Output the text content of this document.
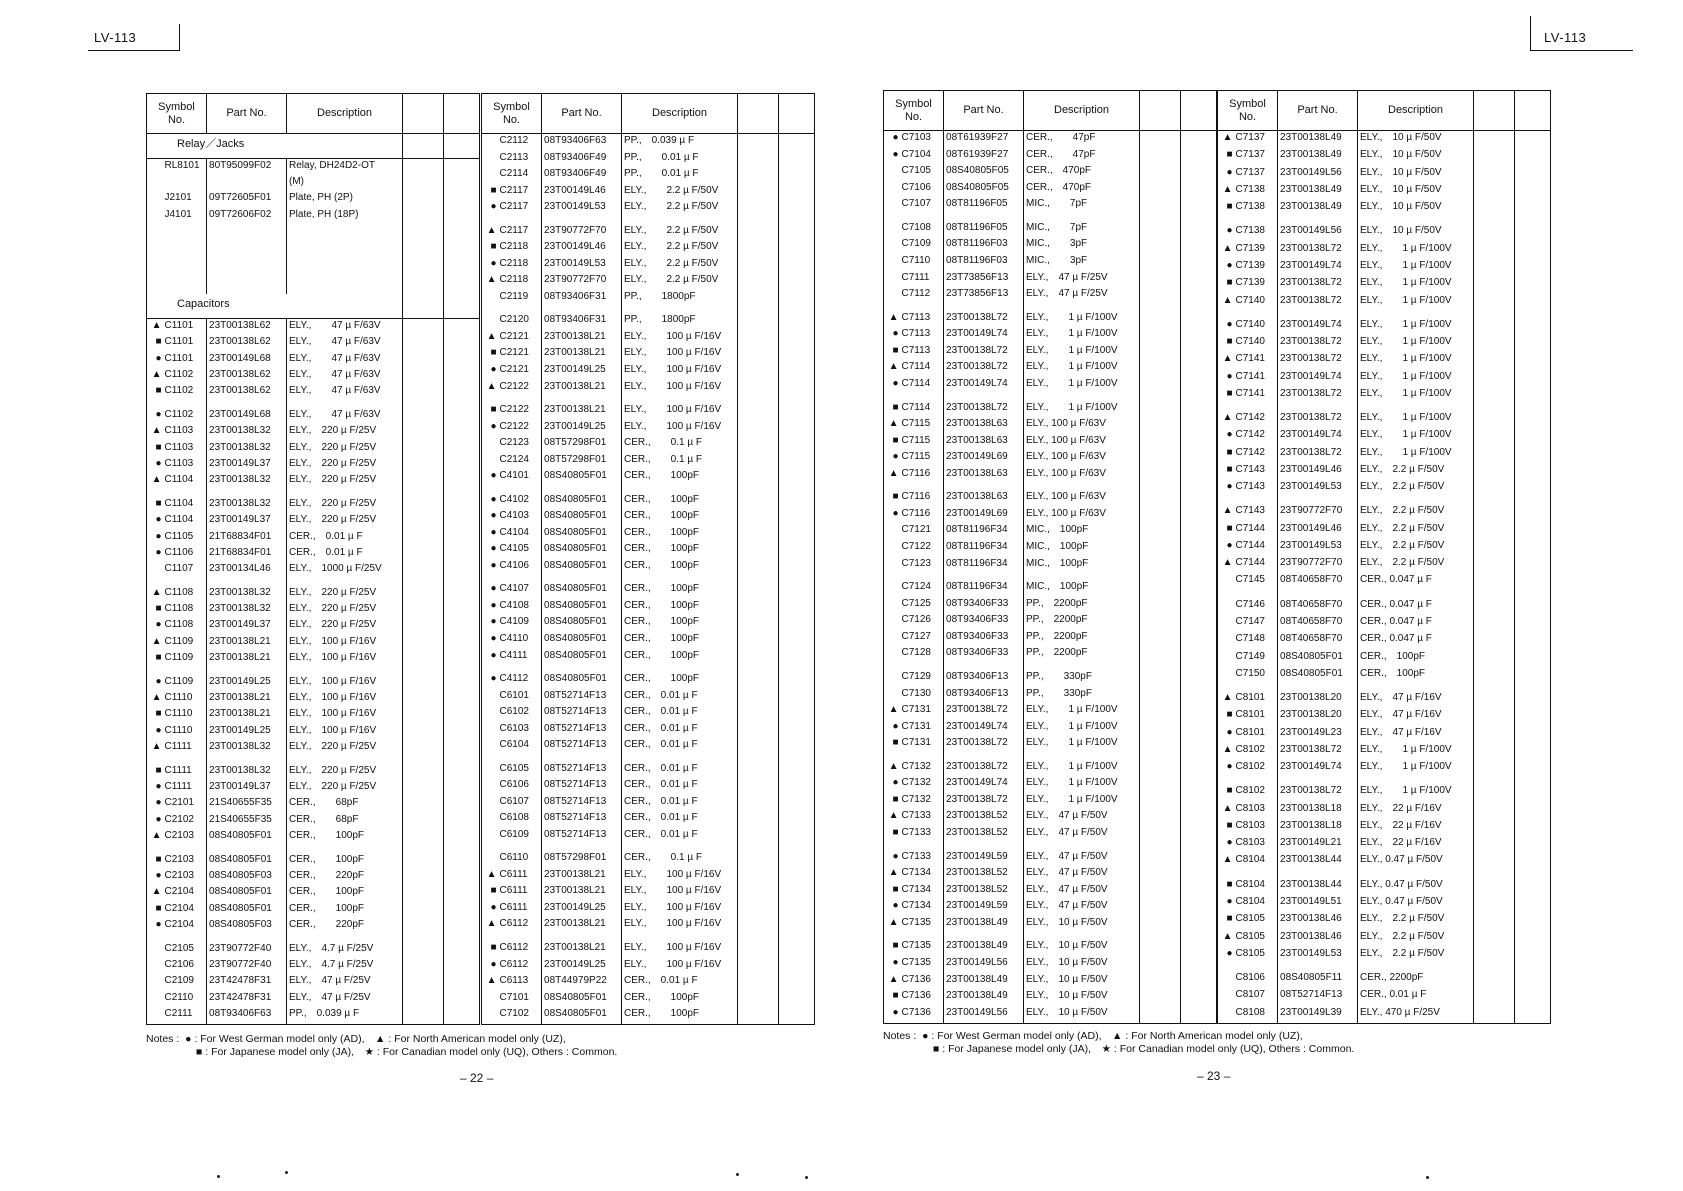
LV-113	LV-113
Symbol No.		Part No.	Description		
Relay／Jacks					
	RL8101	80T95099F02	Relay, DH24D2-OT		
			(M)		
	J2101	09T72605F01	Plate, PH (2P)		
	J4101	09T72606F02	Plate, PH (18P)		

Capacitors					
▲	C1101	23T00138L62	ELY.,　　47 µ F/63V		
■	C1101	23T00138L62	ELY.,　　47 µ F/63V		
●	C1101	23T00149L68	ELY.,　　47 µ F/63V		
▲	C1102	23T00138L62	ELY.,　　47 µ F/63V		
■	C1102	23T00138L62	ELY.,　　47 µ F/63V		

●	C1102	23T00149L68	ELY.,　　47 µ F/63V		
▲	C1103	23T00138L32	ELY.,　220 µ F/25V		
■	C1103	23T00138L32	ELY.,　220 µ F/25V		
●	C1103	23T00149L37	ELY.,　220 µ F/25V		
▲	C1104	23T00138L32	ELY.,　220 µ F/25V		

■	C1104	23T00138L32	ELY.,　220 µ F/25V		
●	C1104	23T00149L37	ELY.,　220 µ F/25V		
●	C1105	21T68834F01	CER.,　0.01 µ F		
●	C1106	21T68834F01	CER.,　0.01 µ F		
	C1107	23T00134L46	ELY.,　1000 µ F/25V		

▲	C1108	23T00138L32	ELY.,　220 µ F/25V		
■	C1108	23T00138L32	ELY.,　220 µ F/25V		
●	C1108	23T00149L37	ELY.,　220 µ F/25V		
▲	C1109	23T00138L21	ELY.,　100 µ F/16V		
■	C1109	23T00138L21	ELY.,　100 µ F/16V		

●	C1109	23T00149L25	ELY.,　100 µ F/16V		
▲	C1110	23T00138L21	ELY.,　100 µ F/16V		
■	C1110	23T00138L21	ELY.,　100 µ F/16V		
●	C1110	23T00149L25	ELY.,　100 µ F/16V		
▲	C1111	23T00138L32	ELY.,　220 µ F/25V		

■	C1111	23T00138L32	ELY.,　220 µ F/25V		
●	C1111	23T00149L37	ELY.,　220 µ F/25V		
●	C2101	21S40655F35	CER.,　　68pF		
●	C2102	21S40655F35	CER.,　　68pF		
▲	C2103	08S40805F01	CER.,　　100pF		

■	C2103	08S40805F01	CER.,　　100pF		
●	C2103	08S40805F03	CER.,　　220pF		
▲	C2104	08S40805F01	CER.,　　100pF		
■	C2104	08S40805F01	CER.,　　100pF		
●	C2104	08S40805F03	CER.,　　220pF		

	C2105	23T90772F40	ELY.,　4.7 µ F/25V		
	C2106	23T90772F40	ELY.,　4.7 µ F/25V		
	C2109	23T42478F31	ELY.,　47 µ F/25V		
	C2110	23T42478F31	ELY.,　47 µ F/25V		
	C2111	08T93406F63	PP.,　0.039 µ F		

Symbol No.		Part No.	Description		
	C2112	08T93406F63	PP.,　0.039 µ F		
	C2113	08T93406F49	PP.,　　0.01 µ F		
	C2114	08T93406F49	PP.,　　0.01 µ F		
■	C2117	23T00149L46	ELY.,　　2.2 µ F/50V		
●	C2117	23T00149L53	ELY.,　　2.2 µ F/50V		

▲	C2117	23T90772F70	ELY.,　　2.2 µ F/50V		
■	C2118	23T00149L46	ELY.,　　2.2 µ F/50V		
●	C2118	23T00149L53	ELY.,　　2.2 µ F/50V		
▲	C2118	23T90772F70	ELY.,　　2.2 µ F/50V		
	C2119	08T93406F31	PP.,　　1800pF		

	C2120	08T93406F31	PP.,　　1800pF		
▲	C2121	23T00138L21	ELY.,　　100 µ F/16V		
■	C2121	23T00138L21	ELY.,　　100 µ F/16V		
●	C2121	23T00149L25	ELY.,　　100 µ F/16V		
▲	C2122	23T00138L21	ELY.,　　100 µ F/16V		

■	C2122	23T00138L21	ELY.,　　100 µ F/16V		
●	C2122	23T00149L25	ELY.,　　100 µ F/16V		
	C2123	08T57298F01	CER.,　　0.1 µ F		
	C2124	08T57298F01	CER.,　　0.1 µ F		
●	C4101	08S40805F01	CER.,　　100pF		

●	C4102	08S40805F01	CER.,　　100pF		
●	C4103	08S40805F01	CER.,　　100pF		
●	C4104	08S40805F01	CER.,　　100pF		
●	C4105	08S40805F01	CER.,　　100pF		
●	C4106	08S40805F01	CER.,　　100pF		

●	C4107	08S40805F01	CER.,　　100pF		
●	C4108	08S40805F01	CER.,　　100pF		
●	C4109	08S40805F01	CER.,　　100pF		
●	C4110	08S40805F01	CER.,　　100pF		
●	C4111	08S40805F01	CER.,　　100pF		

●	C4112	08S40805F01	CER.,　　100pF		
	C6101	08T52714F13	CER.,　0.01 µ F		
	C6102	08T52714F13	CER.,　0.01 µ F		
	C6103	08T52714F13	CER.,　0.01 µ F		
	C6104	08T52714F13	CER.,　0.01 µ F		

	C6105	08T52714F13	CER.,　0.01 µ F		
	C6106	08T52714F13	CER.,　0.01 µ F		
	C6107	08T52714F13	CER.,　0.01 µ F		
	C6108	08T52714F13	CER.,　0.01 µ F		
	C6109	08T52714F13	CER.,　0.01 µ F		

	C6110	08T57298F01	CER.,　　0.1 µ F		
▲	C6111	23T00138L21	ELY.,　　100 µ F/16V		
■	C6111	23T00138L21	ELY.,　　100 µ F/16V		
●	C6111	23T00149L25	ELY.,　　100 µ F/16V		
▲	C6112	23T00138L21	ELY.,　　100 µ F/16V		

■	C6112	23T00138L21	ELY.,　　100 µ F/16V		
●	C6112	23T00149L25	ELY.,　　100 µ F/16V		
▲	C6113	08T44979P22	CER.,　0.01 µ F		
	C7101	08S40805F01	CER.,　　100pF		
	C7102	08S40805F01	CER.,　　100pF		

Symbol No.		Part No.	Description		
●	C7103	08T61939F27	CER.,　　47pF		
●	C7104	08T61939F27	CER.,　　47pF		
	C7105	08S40805F05	CER.,　470pF		
	C7106	08S40805F05	CER.,　470pF		
	C7107	08T81196F05	MIC.,　　7pF		

	C7108	08T81196F05	MIC.,　　7pF		
	C7109	08T81196F03	MIC.,　　3pF		
	C7110	08T81196F03	MIC.,　　3pF		
	C7111	23T73856F13	ELY.,　47 µ F/25V		
	C7112	23T73856F13	ELY.,　47 µ F/25V		

▲	C7113	23T00138L72	ELY.,　　1 µ F/100V		
●	C7113	23T00149L74	ELY.,　　1 µ F/100V		
■	C7113	23T00138L72	ELY.,　　1 µ F/100V		
▲	C7114	23T00138L72	ELY.,　　1 µ F/100V		
●	C7114	23T00149L74	ELY.,　　1 µ F/100V		

■	C7114	23T00138L72	ELY.,　　1 µ F/100V		
▲	C7115	23T00138L63	ELY., 100 µ F/63V		
■	C7115	23T00138L63	ELY., 100 µ F/63V		
●	C7115	23T00149L69	ELY., 100 µ F/63V		
▲	C7116	23T00138L63	ELY., 100 µ F/63V		

■	C7116	23T00138L63	ELY., 100 µ F/63V		
●	C7116	23T00149L69	ELY., 100 µ F/63V		
	C7121	08T81196F34	MIC.,　100pF		
	C7122	08T81196F34	MIC.,　100pF		
	C7123	08T81196F34	MIC.,　100pF		

	C7124	08T81196F34	MIC.,　100pF		
	C7125	08T93406F33	PP.,　2200pF		
	C7126	08T93406F33	PP.,　2200pF		
	C7127	08T93406F33	PP.,　2200pF		
	C7128	08T93406F33	PP.,　2200pF		

	C7129	08T93406F13	PP.,　　330pF		
	C7130	08T93406F13	PP.,　　330pF		
▲	C7131	23T00138L72	ELY.,　　1 µ F/100V		
●	C7131	23T00149L74	ELY.,　　1 µ F/100V		
■	C7131	23T00138L72	ELY.,　　1 µ F/100V		

▲	C7132	23T00138L72	ELY.,　　1 µ F/100V		
●	C7132	23T00149L74	ELY.,　　1 µ F/100V		
■	C7132	23T00138L72	ELY.,　　1 µ F/100V		
▲	C7133	23T00138L52	ELY.,　47 µ F/50V		
■	C7133	23T00138L52	ELY.,　47 µ F/50V		

●	C7133	23T00149L59	ELY.,　47 µ F/50V		
▲	C7134	23T00138L52	ELY.,　47 µ F/50V		
■	C7134	23T00138L52	ELY.,　47 µ F/50V		
●	C7134	23T00149L59	ELY.,　47 µ F/50V		
▲	C7135	23T00138L49	ELY.,　10 µ F/50V		

■	C7135	23T00138L49	ELY.,　10 µ F/50V		
●	C7135	23T00149L56	ELY.,　10 µ F/50V		
▲	C7136	23T00138L49	ELY.,　10 µ F/50V		
■	C7136	23T00138L49	ELY.,　10 µ F/50V		
●	C7136	23T00149L56	ELY.,　10 µ F/50V		

Symbol No.		Part No.	Description		
▲	C7137	23T00138L49	ELY.,　10 µ F/50V		
■	C7137	23T00138L49	ELY.,　10 µ F/50V		
●	C7137	23T00149L56	ELY.,　10 µ F/50V		
▲	C7138	23T00138L49	ELY.,　10 µ F/50V		
■	C7138	23T00138L49	ELY.,　10 µ F/50V		

●	C7138	23T00149L56	ELY.,　10 µ F/50V		
▲	C7139	23T00138L72	ELY.,　　1 µ F/100V		
●	C7139	23T00149L74	ELY.,　　1 µ F/100V		
■	C7139	23T00138L72	ELY.,　　1 µ F/100V		
▲	C7140	23T00138L72	ELY.,　　1 µ F/100V		

●	C7140	23T00149L74	ELY.,　　1 µ F/100V		
■	C7140	23T00138L72	ELY.,　　1 µ F/100V		
▲	C7141	23T00138L72	ELY.,　　1 µ F/100V		
●	C7141	23T00149L74	ELY.,　　1 µ F/100V		
■	C7141	23T00138L72	ELY.,　　1 µ F/100V		

▲	C7142	23T00138L72	ELY.,　　1 µ F/100V		
●	C7142	23T00149L74	ELY.,　　1 µ F/100V		
■	C7142	23T00138L72	ELY.,　　1 µ F/100V		
■	C7143	23T00149L46	ELY.,　2.2 µ F/50V		
●	C7143	23T00149L53	ELY.,　2.2 µ F/50V		

▲	C7143	23T90772F70	ELY.,　2.2 µ F/50V		
■	C7144	23T00149L46	ELY.,　2.2 µ F/50V		
●	C7144	23T00149L53	ELY.,　2.2 µ F/50V		
▲	C7144	23T90772F70	ELY.,　2.2 µ F/50V		
	C7145	08T40658F70	CER., 0.047 µ F		

	C7146	08T40658F70	CER., 0.047 µ F		
	C7147	08T40658F70	CER., 0.047 µ F		
	C7148	08T40658F70	CER., 0.047 µ F		
	C7149	08S40805F01	CER.,　100pF		
	C7150	08S40805F01	CER.,　100pF		

▲	C8101	23T00138L20	ELY.,　47 µ F/16V		
■	C8101	23T00138L20	ELY.,　47 µ F/16V		
●	C8101	23T00149L23	ELY.,　47 µ F/16V		
▲	C8102	23T00138L72	ELY.,　　1 µ F/100V		
●	C8102	23T00149L74	ELY.,　　1 µ F/100V		

■	C8102	23T00138L72	ELY.,　　1 µ F/100V		
▲	C8103	23T00138L18	ELY.,　22 µ F/16V		
■	C8103	23T00138L18	ELY.,　22 µ F/16V		
●	C8103	23T00149L21	ELY.,　22 µ F/16V		
▲	C8104	23T00138L44	ELY., 0.47 µ F/50V		

■	C8104	23T00138L44	ELY., 0.47 µ F/50V		
●	C8104	23T00149L51	ELY., 0.47 µ F/50V		
■	C8105	23T00138L46	ELY.,　2.2 µ F/50V		
▲	C8105	23T00138L46	ELY.,　2.2 µ F/50V		
●	C8105	23T00149L53	ELY.,　2.2 µ F/50V		

	C8106	08S40805F11	CER., 2200pF		
	C8107	08T52714F13	CER., 0.01 µ F		
	C8108	23T00149L39	ELY., 470 µ F/25V		

Notes : ● : For West German model only (AD),　▲ : For North American model only (UZ),
■ : For Japanese model only (JA),　★ : For Canadian model only (UQ), Others : Common.
Notes : ● : For West German model only (AD),　▲ : For North American model only (UZ),
■ : For Japanese model only (JA),　★ : For Canadian model only (UQ), Others : Common.
– 22 –	– 23 –
